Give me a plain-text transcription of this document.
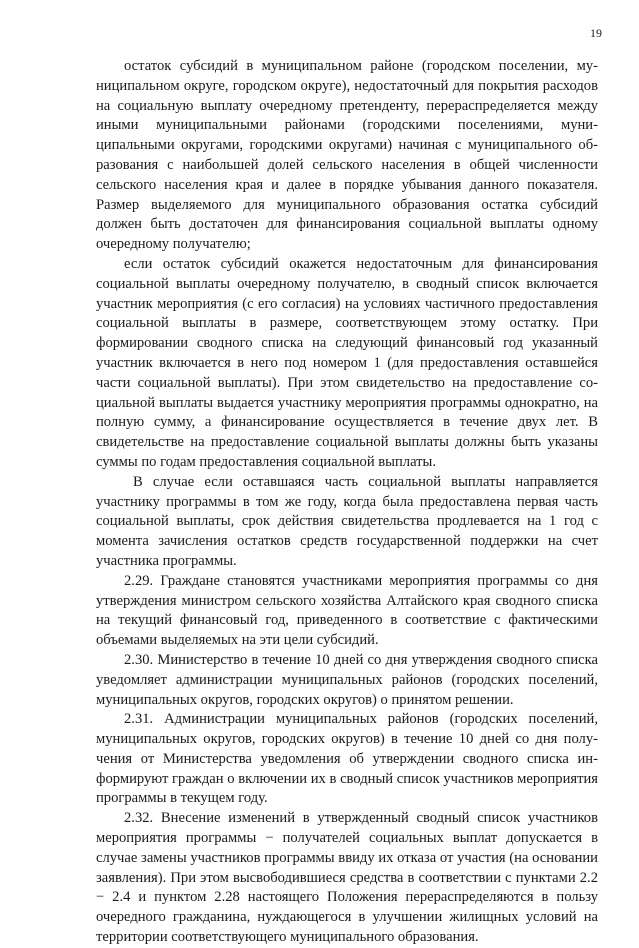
19

остаток субсидий в муниципальном районе (городском поселении, муниципальном округе, городском округе), недостаточный для покрытия расходов на социальную выплату очередному претенденту, перераспределяется между иными муниципальными районами (городскими поселениями, муниципальными округами, городскими округами) начиная с муниципального образования с наибольшей долей сельского населения в общей численности сельского населения края и далее в порядке убывания данного показателя. Размер выделяемого для муниципального образования остатка субсидий должен быть достаточен для финансирования социальной выплаты одному очередному получателю;

если остаток субсидий окажется недостаточным для финансирования социальной выплаты очередному получателю, в сводный список включается участник мероприятия (с его согласия) на условиях частичного предоставления социальной выплаты в размере, соответствующем этому остатку. При формировании сводного списка на следующий финансовый год указанный участник включается в него под номером 1 (для предоставления оставшейся части социальной выплаты). При этом свидетельство на предоставление социальной выплаты выдается участнику мероприятия программы однократно, на полную сумму, а финансирование осуществляется в течение двух лет. В свидетельстве на предоставление социальной выплаты должны быть указаны суммы по годам предоставления социальной выплаты.

В случае если оставшаяся часть социальной выплаты направляется участнику программы в том же году, когда была предоставлена первая часть социальной выплаты, срок действия свидетельства продлевается на 1 год с момента зачисления остатков средств государственной поддержки на счет участника программы.

2.29. Граждане становятся участниками мероприятия программы со дня утверждения министром сельского хозяйства Алтайского края сводного списка на текущий финансовый год, приведенного в соответствие с фактическими объемами выделяемых на эти цели субсидий.

2.30. Министерство в течение 10 дней со дня утверждения сводного списка уведомляет администрации муниципальных районов (городских поселений, муниципальных округов, городских округов) о принятом решении.

2.31. Администрации муниципальных районов (городских поселений, муниципальных округов, городских округов) в течение 10 дней со дня получения от Министерства уведомления об утверждении сводного списка информируют граждан о включении их в сводный список участников мероприятия программы в текущем году.

2.32. Внесение изменений в утвержденный сводный список участников мероприятия программы − получателей социальных выплат допускается в случае замены участников программы ввиду их отказа от участия (на основании заявления). При этом высвободившиеся средства в соответствии с пунктами 2.2 − 2.4 и пунктом 2.28 настоящего Положения перераспределяются в пользу очередного гражданина, нуждающегося в улучшении жилищных условий на территории соответствующего муниципального образования.
